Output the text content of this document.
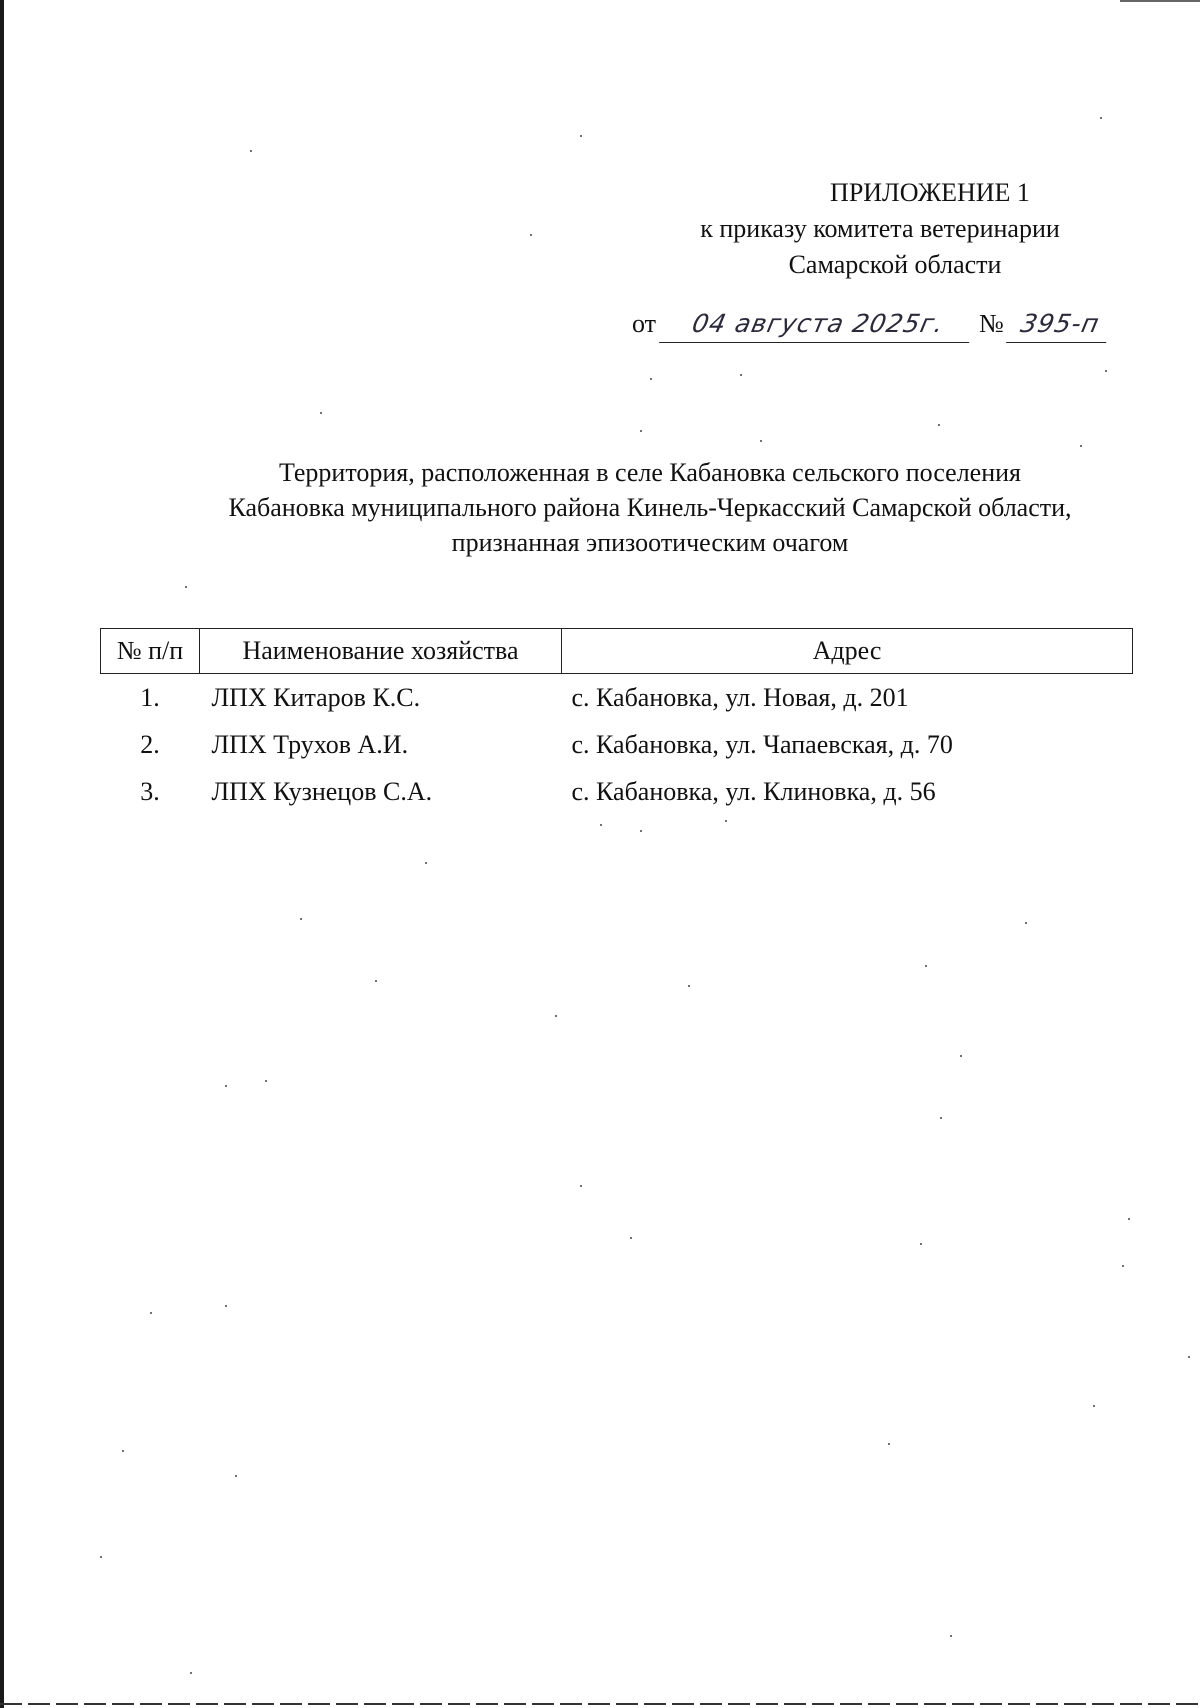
ПРИЛОЖЕНИЕ 1
к приказу комитета ветеринарии
Самарской области
от 04 августа 2025г. № 395-п
Территория, расположенная в селе Кабановка сельского поселения
Кабановка муниципального района Кинель-Черкасский Самарской области,
признанная эпизоотическим очагом
№ п/п	Наименование хозяйства	Адрес
1.	ЛПХ Китаров К.С.	с. Кабановка, ул. Новая, д. 201
2.	ЛПХ Трухов А.И.	с. Кабановка, ул. Чапаевская, д. 70
3.	ЛПХ Кузнецов С.А.	с. Кабановка, ул. Клиновка, д. 56
